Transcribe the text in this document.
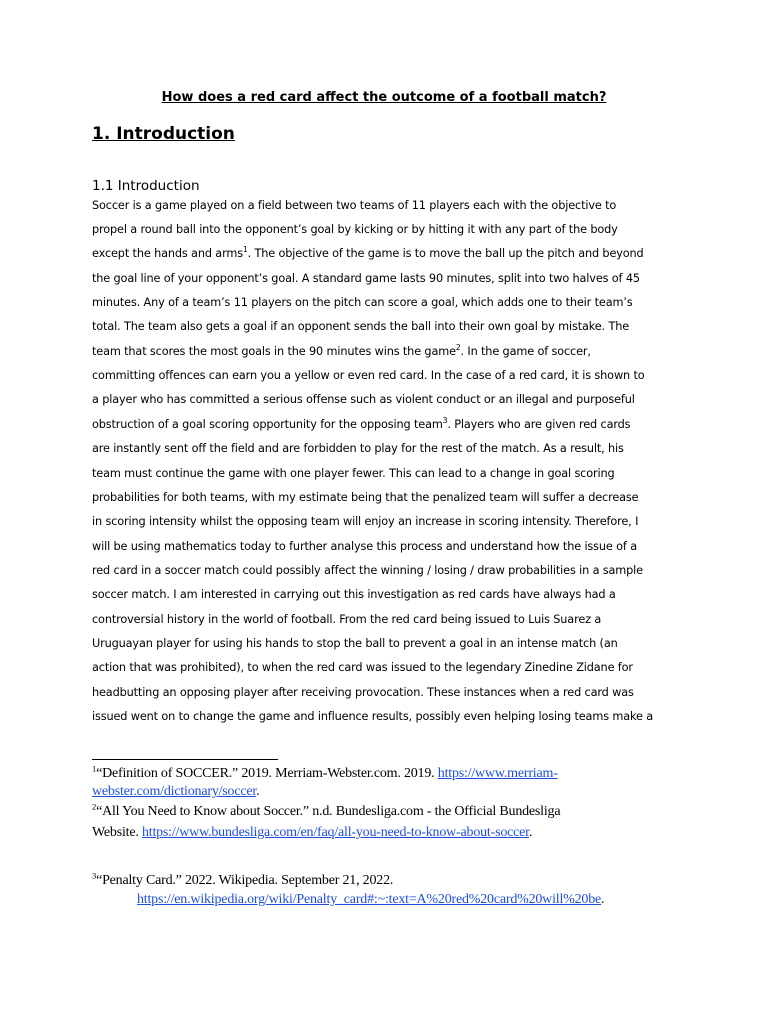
How does a red card affect the outcome of a football match?
1. Introduction
1.1 Introduction
Soccer is a game played on a field between two teams of 11 players each with the objective to
propel a round ball into the opponent’s goal by kicking or by hitting it with any part of the body
except the hands and arms$^1$. The objective of the game is to move the ball up the pitch and beyond
the goal line of your opponent’s goal. A standard game lasts 90 minutes, split into two halves of 45
minutes. Any of a team’s 11 players on the pitch can score a goal, which adds one to their team’s
total. The team also gets a goal if an opponent sends the ball into their own goal by mistake. The
team that scores the most goals in the 90 minutes wins the game$^2$. In the game of soccer,
committing offences can earn you a yellow or even red card. In the case of a red card, it is shown to
a player who has committed a serious offense such as violent conduct or an illegal and purposeful
obstruction of a goal scoring opportunity for the opposing team$^3$. Players who are given red cards
are instantly sent off the field and are forbidden to play for the rest of the match. As a result, his
team must continue the game with one player fewer. This can lead to a change in goal scoring
probabilities for both teams, with my estimate being that the penalized team will suffer a decrease
in scoring intensity whilst the opposing team will enjoy an increase in scoring intensity. Therefore, I
will be using mathematics today to further analyse this process and understand how the issue of a
red card in a soccer match could possibly affect the winning / losing / draw probabilities in a sample
soccer match. I am interested in carrying out this investigation as red cards have always had a
controversial history in the world of football. From the red card being issued to Luis Suarez a
Uruguayan player for using his hands to stop the ball to prevent a goal in an intense match (an
action that was prohibited), to when the red card was issued to the legendary Zinedine Zidane for
headbutting an opposing player after receiving provocation. These instances when a red card was
issued went on to change the game and influence results, possibly even helping losing teams make a
$^1$“Definition of SOCCER.” 2019. Merriam-Webster.com. 2019. https://www.merriam-
webster.com/dictionary/soccer.
$^2$“All You Need to Know about Soccer.” n.d. Bundesliga.com - the Official Bundesliga
Website. https://www.bundesliga.com/en/faq/all-you-need-to-know-about-soccer.
$^3$“Penalty Card.” 2022. Wikipedia. September 21, 2022.
https://en.wikipedia.org/wiki/Penalty_card#:~:text=A%20red%20card%20will%20be.
